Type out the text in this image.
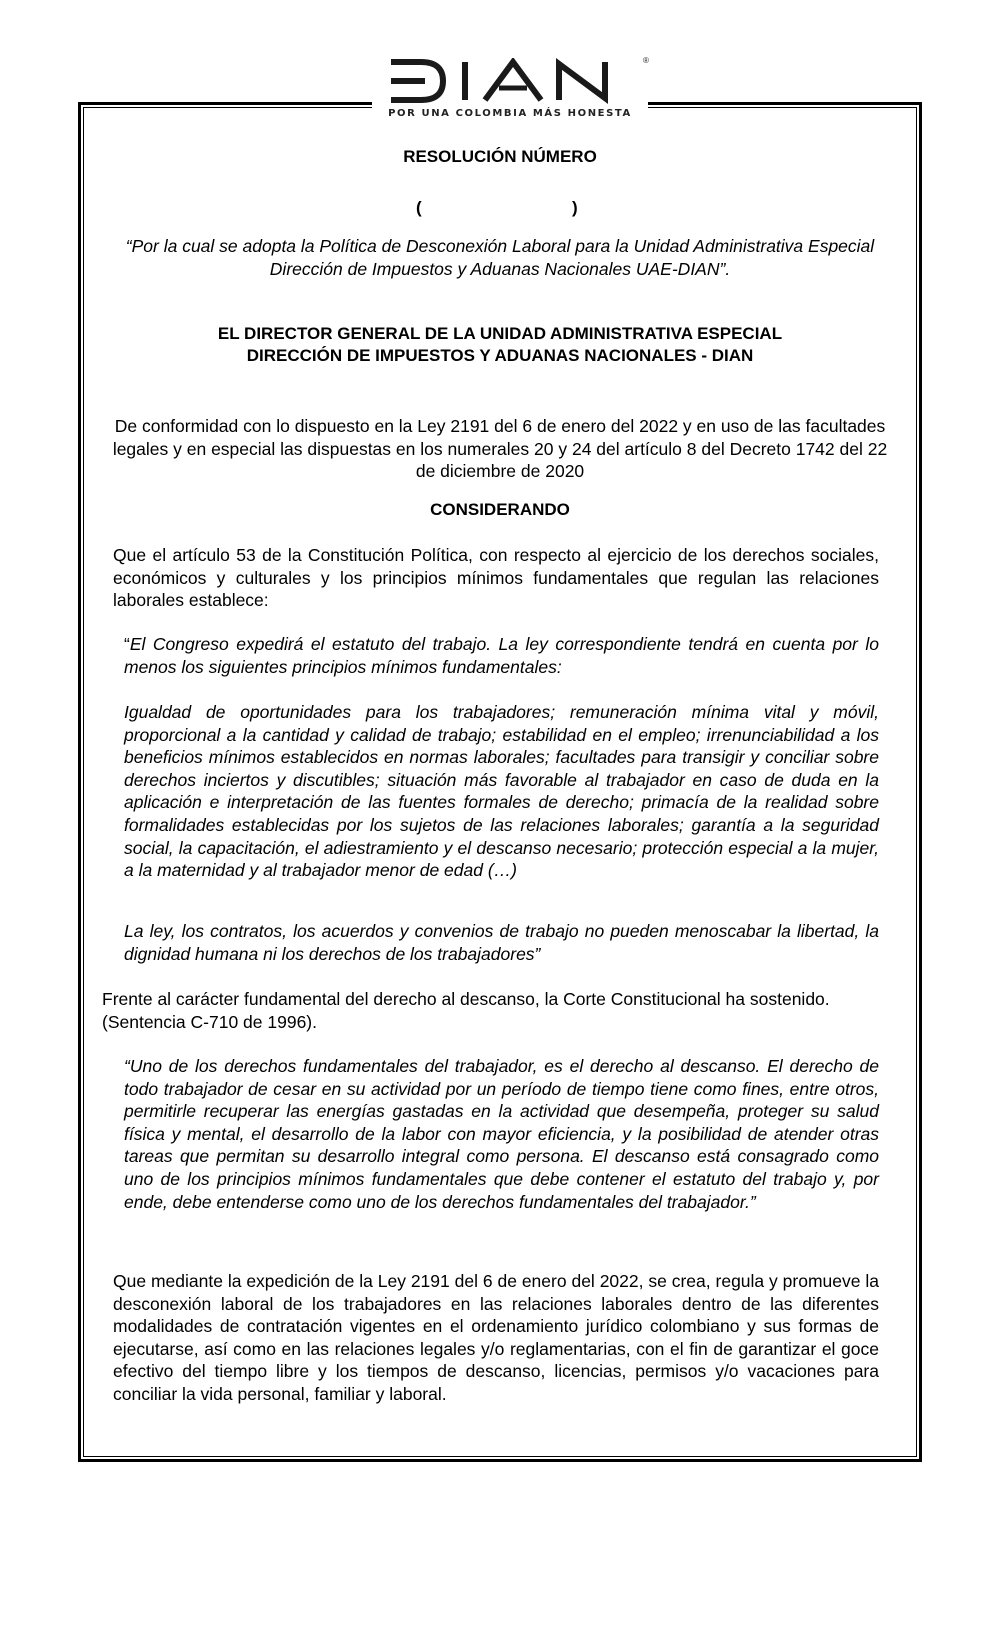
POR UNA COLOMBIA MÁS HONESTA
®
RESOLUCIÓN NÚMERO
(	)
“Por la cual se adopta la Política de Desconexión Laboral para la Unidad Administrativa Especial Dirección de Impuestos y Aduanas Nacionales UAE-DIAN”.
EL DIRECTOR GENERAL DE LA UNIDAD ADMINISTRATIVA ESPECIAL
DIRECCIÓN DE IMPUESTOS Y ADUANAS NACIONALES - DIAN
De conformidad con lo dispuesto en la Ley 2191 del 6 de enero del 2022 y en uso de las facultades legales y en especial las dispuestas en los numerales 20 y 24 del artículo 8 del Decreto 1742 del 22 de diciembre de 2020
CONSIDERANDO
Que el artículo 53 de la Constitución Política, con respecto al ejercicio de los derechos sociales, económicos y culturales y los principios mínimos fundamentales que regulan las relaciones laborales establece:
“El Congreso expedirá el estatuto del trabajo. La ley correspondiente tendrá en cuenta por lo menos los siguientes principios mínimos fundamentales:
Igualdad de oportunidades para los trabajadores; remuneración mínima vital y móvil, proporcional a la cantidad y calidad de trabajo; estabilidad en el empleo; irrenunciabilidad a los beneficios mínimos establecidos en normas laborales; facultades para transigir y conciliar sobre derechos inciertos y discutibles; situación más favorable al trabajador en caso de duda en la aplicación e interpretación de las fuentes formales de derecho; primacía de la realidad sobre formalidades establecidas por los sujetos de las relaciones laborales; garantía a la seguridad social, la capacitación, el adiestramiento y el descanso necesario; protección especial a la mujer, a la maternidad y al trabajador menor de edad (…)
La ley, los contratos, los acuerdos y convenios de trabajo no pueden menoscabar la libertad, la dignidad humana ni los derechos de los trabajadores”
Frente al carácter fundamental del derecho al descanso, la Corte Constitucional ha sostenido. (Sentencia C-710 de 1996).
“Uno de los derechos fundamentales del trabajador, es el derecho al descanso. El derecho de todo trabajador de cesar en su actividad por un período de tiempo tiene como fines, entre otros, permitirle recuperar las energías gastadas en la actividad que desempeña, proteger su salud física y mental, el desarrollo de la labor con mayor eficiencia, y la posibilidad de atender otras tareas que permitan su desarrollo integral como persona. El descanso está consagrado como uno de los principios mínimos fundamentales que debe contener el estatuto del trabajo y, por ende, debe entenderse como uno de los derechos fundamentales del trabajador.”
Que mediante la expedición de la Ley 2191 del 6 de enero del 2022, se crea, regula y promueve la desconexión laboral de los trabajadores en las relaciones laborales dentro de las diferentes modalidades de contratación vigentes en el ordenamiento jurídico colombiano y sus formas de ejecutarse, así como en las relaciones legales y/o reglamentarias, con el fin de garantizar el goce efectivo del tiempo libre y los tiempos de descanso, licencias, permisos y/o vacaciones para conciliar la vida personal, familiar y laboral.
